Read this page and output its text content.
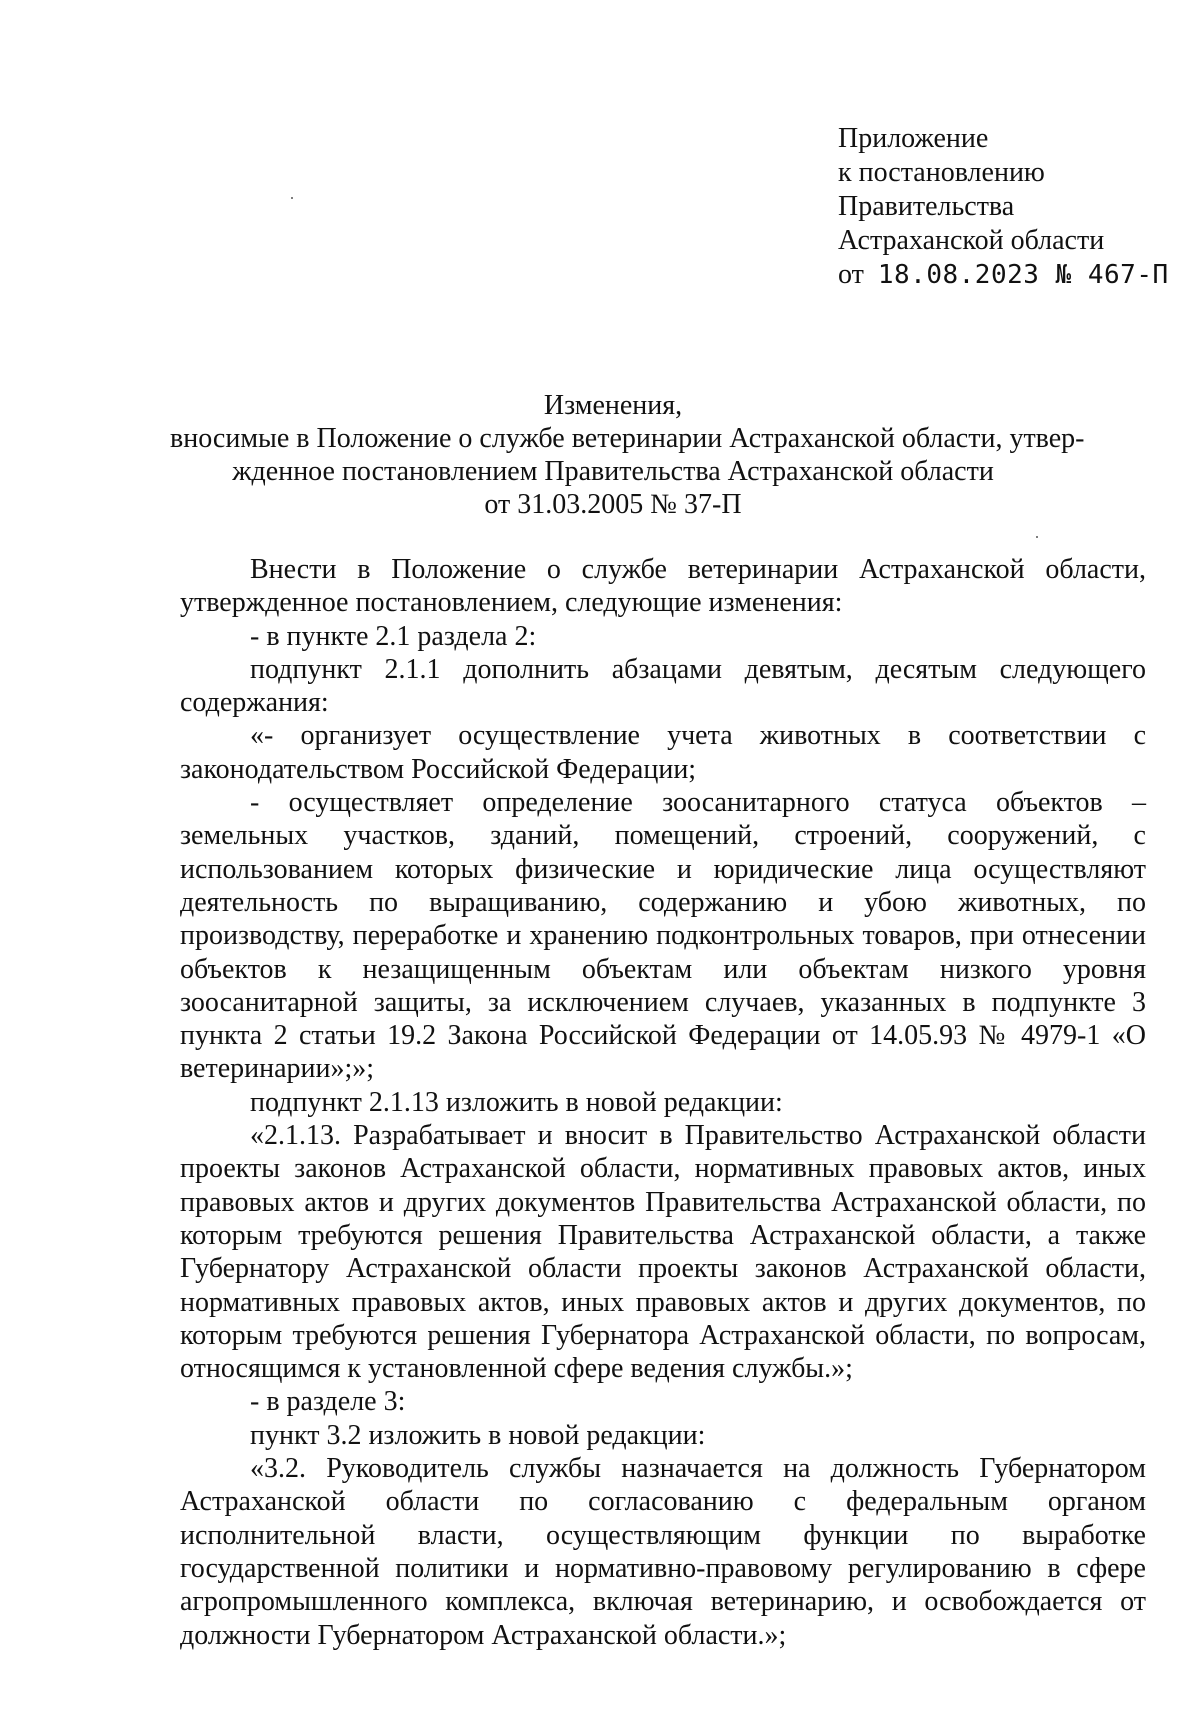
Приложение
к постановлению
Правительства
Астраханской области
от 18.08.2023 № 467-П
Изменения,
вносимые в Положение о службе ветеринарии Астраханской области, утвер-
жденное постановлением Правительства Астраханской области
от 31.03.2005 № 37-П

Внести в Положение о службе ветеринарии Астраханской области, утвержденное постановлением, следующие изменения:

- в пункте 2.1 раздела 2:

подпункт 2.1.1 дополнить абзацами девятым, десятым следующего содержания:

«- организует осуществление учета животных в соответствии с законодательством Российской Федерации;

- осуществляет определение зоосанитарного статуса объектов – земельных участков, зданий, помещений, строений, сооружений, с использованием которых физические и юридические лица осуществляют деятельность по выращиванию, содержанию и убою животных, по производству, переработке и хранению подконтрольных товаров, при отнесении объектов к незащищенным объектам или объектам низкого уровня зоосанитарной защиты, за исключением случаев, указанных в подпункте 3 пункта 2 статьи 19.2 Закона Российской Федерации от 14.05.93 № 4979-1 «О ветеринарии»;»;

подпункт 2.1.13 изложить в новой редакции:

«2.1.13. Разрабатывает и вносит в Правительство Астраханской области проекты законов Астраханской области, нормативных правовых актов, иных правовых актов и других документов Правительства Астраханской области, по которым требуются решения Правительства Астраханской области, а также Губернатору Астраханской области проекты законов Астраханской области, нормативных правовых актов, иных правовых актов и других документов, по которым требуются решения Губернатора Астраханской области, по вопросам, относящимся к установленной сфере ведения службы.»;

- в разделе 3:

пункт 3.2 изложить в новой редакции:

«3.2. Руководитель службы назначается на должность Губернатором Астраханской области по согласованию с федеральным органом исполнительной власти, осуществляющим функции по выработке государственной политики и нормативно-правовому регулированию в сфере агропромышленного комплекса, включая ветеринарию, и освобождается от должности Губернатором Астраханской области.»;
